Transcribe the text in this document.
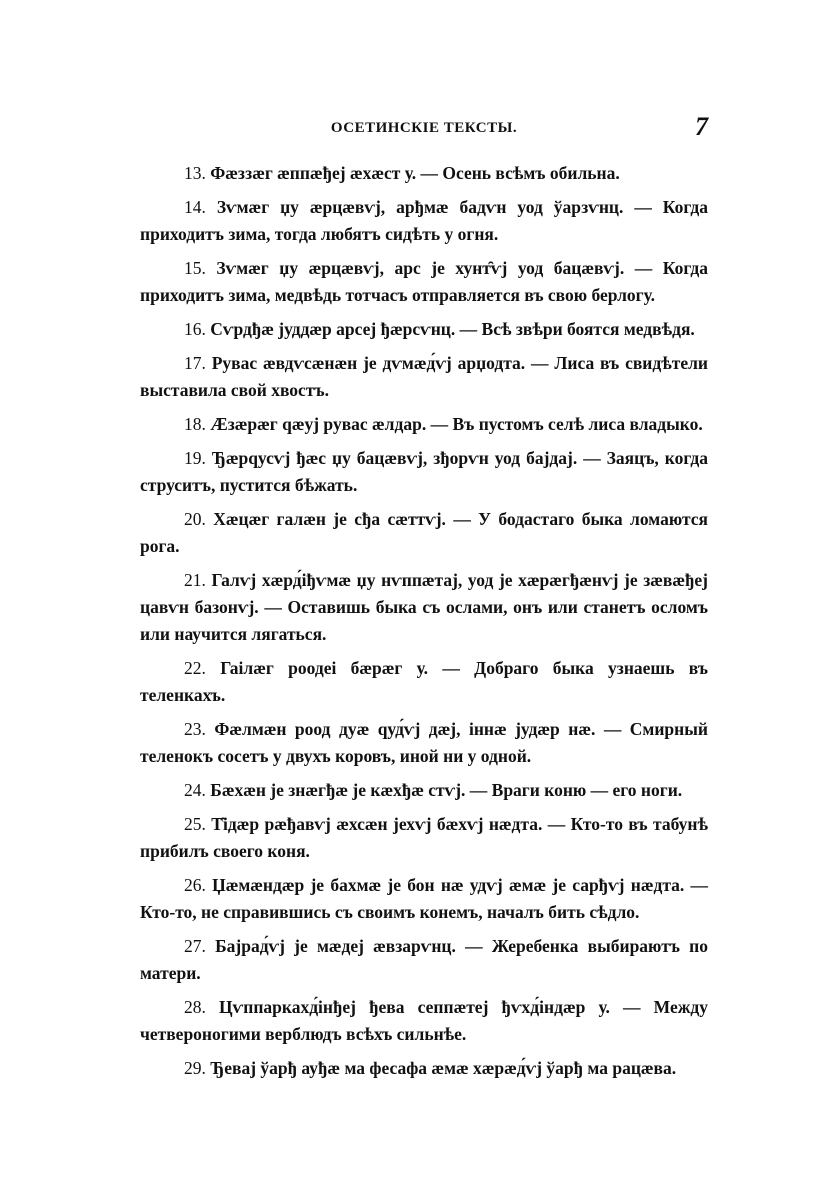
ОСЕТИНСКІЕ ТЕКСТЫ.	7

13. Фӕззӕг ӕппӕђеј ӕхӕст у. — Осень всѣмъ обильна.

14. Зѵмӕг џу ӕрцӕвѵј, арђмӕ бадѵн уод ўарзѵнц. — Когда приходитъ зима, тогда любятъ сидѣть у огня.

15. Зѵмӕг џу ӕрцӕвѵј, арс је хунт̑ѵј уод бацӕвѵј. — Когда приходитъ зима, медвѣдь тотчасъ отправляется въ свою берлогу.

16. Сѵрдђӕ јуддӕр арсеј ђӕрсѵнц. — Всѣ звѣри боятся медвѣдя.

17. Рувас ӕвдѵсӕнӕн је дѵмӕд́ѵј арџодта. — Лиса въ свидѣтели выставила свой хвостъ.

18. Ӕзӕрӕг qӕуј рувас ӕлдар. — Въ пустомъ селѣ лиса владыко.

19. Ђӕрqусѵј ђӕс џу бацӕвѵј, зђорѵн уод бајдај. — Заяцъ, когда струситъ, пустится бѣжать.

20. Хӕцӕг галӕн је сђа сӕттѵј. — У бодастаго быка ломаются рога.

21. Галѵј хӕрд́іђѵмӕ џу нѵппӕтај, уод је хӕрӕгђӕнѵј је зӕвӕђеј цавѵн базонѵј. — Оставишь быка съ ослами, онъ или станетъ осломъ или научится лягаться.

22. Гаілӕг роодеі бӕрӕг у. — Добраго быка узнаешь въ теленкахъ.

23. Фӕлмӕн роод дуӕ qуд́ѵј дӕј, іннӕ јудӕр нӕ. — Смирный теленокъ сосетъ у двухъ коровъ, иной ни у одной.

24. Бӕхӕн је знӕгђӕ је кӕхђӕ стѵј. — Враги коню — его ноги.

25. Т̑ідӕр рӕђавѵј ӕхсӕн јехѵј бӕхѵј нӕдта. — Кто-то въ табунѣ прибилъ своего коня.

26. Џӕмӕндӕр је бахмӕ је бон нӕ удѵј ӕмӕ је сарђѵј нӕдта. — Кто-то, не справившись съ своимъ конемъ, началъ бить сѣдло.

27. Бајрад́ѵј је мӕдеј ӕвзарѵнц. — Жеребенка выбираютъ по матери.

28. Цѵппаркахд́інђеј ђева сеппӕтеј ђѵхд́індӕр у. — Между четвероногими верблюдъ всѣхъ сильнѣе.

29. Ђевај ўарђ ауђӕ ма фесафа ӕмӕ хӕрӕд́ѵј ўарђ ма рацӕва.
